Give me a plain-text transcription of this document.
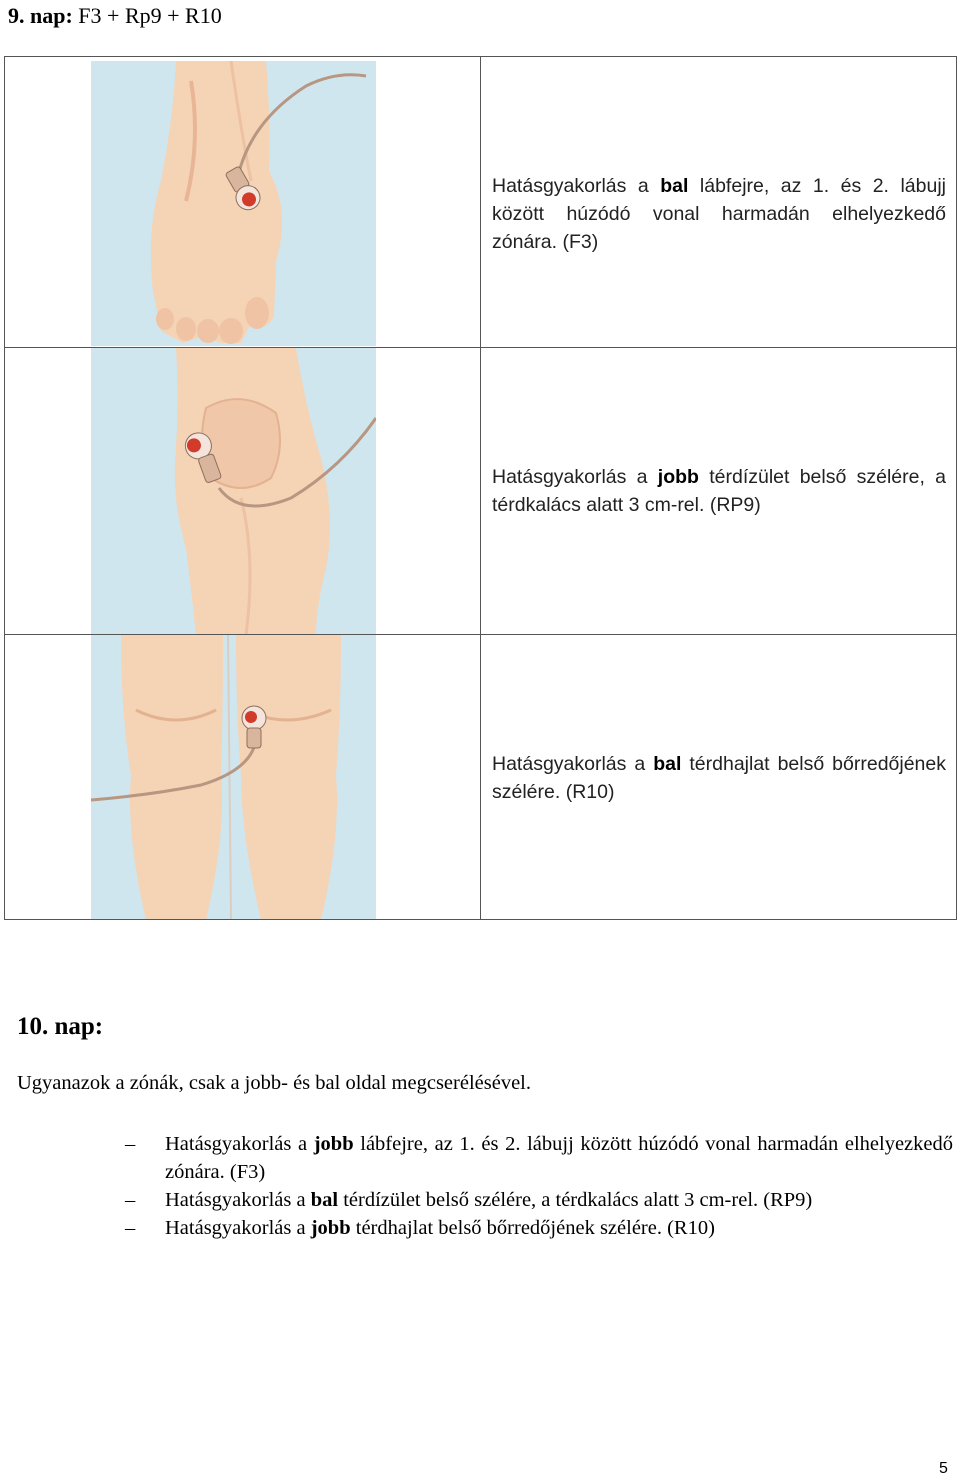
9. nap: F3 + Rp9 + R10
Hatásgyakorlás a bal lábfejre, az 1. és 2. lábujj között húzódó vonal harmadán elhelyezkedő zónára. (F3)
Hatásgyakorlás a jobb térdízület belső szélére, a térdkalács alatt 3 cm-rel. (RP9)
Hatásgyakorlás a bal térdhajlat belső bőrredőjének szélére. (R10)
10. nap:
Ugyanazok a zónák, csak a jobb- és bal oldal megcserélésével.
– Hatásgyakorlás a jobb lábfejre, az 1. és 2. lábujj között húzódó vonal harmadán elhelyezkedő zónára. (F3)
– Hatásgyakorlás a bal térdízület belső szélére, a térdkalács alatt 3 cm-rel. (RP9)
– Hatásgyakorlás a jobb térdhajlat belső bőrredőjének szélére. (R10)
5
